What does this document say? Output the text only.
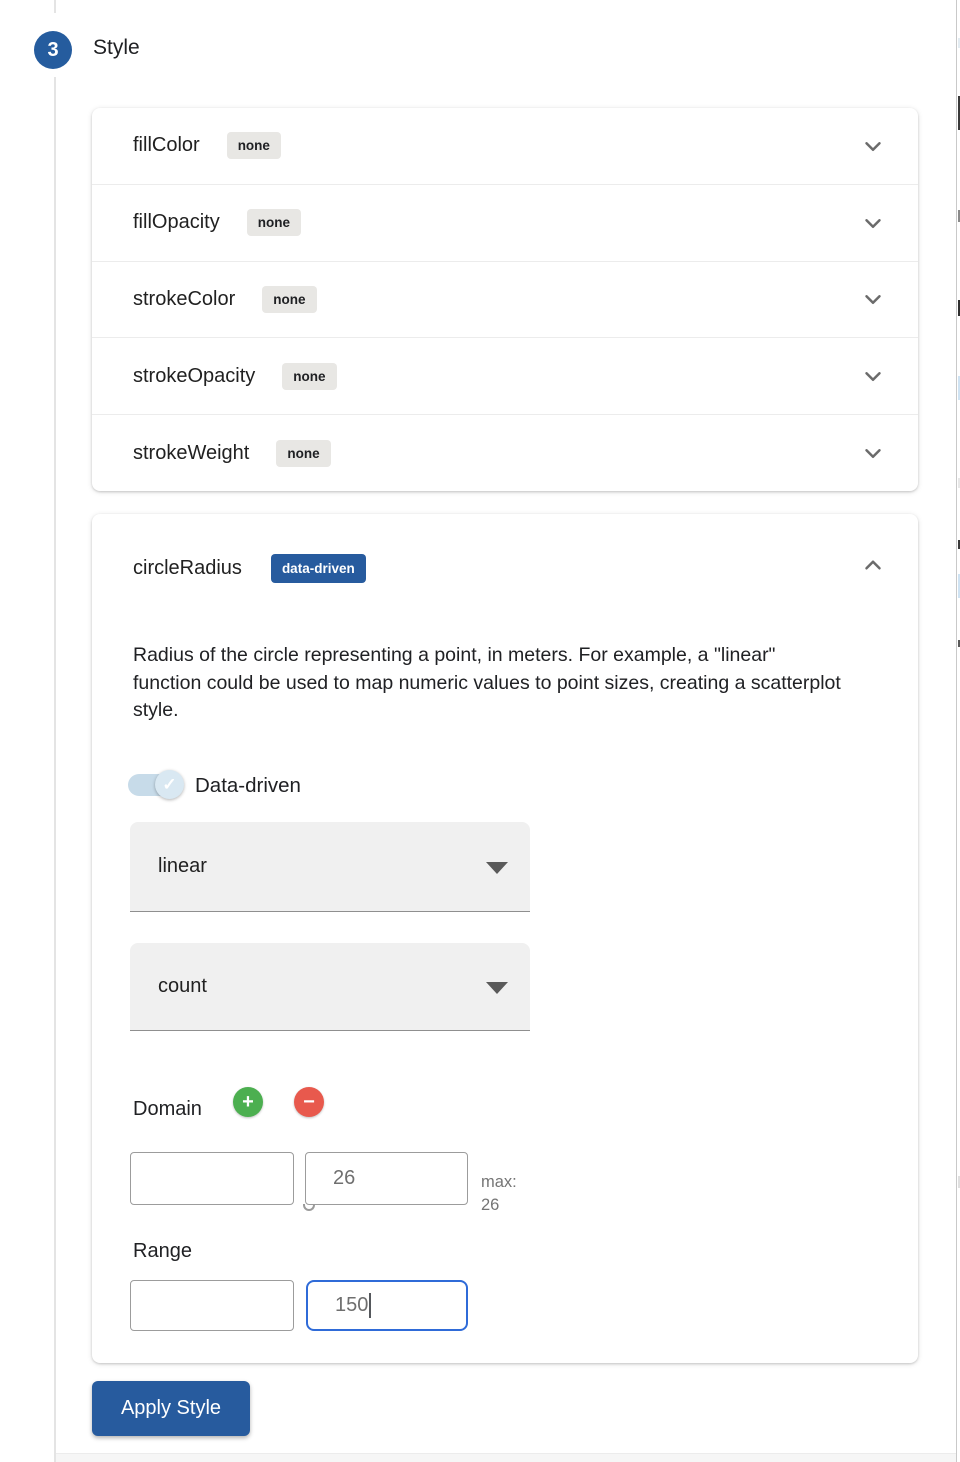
3	Style
fillColor	none
fillOpacity	none
strokeColor	none
strokeOpacity	none
strokeWeight	none
circleRadius	data-driven
Radius of the circle representing a point, in meters. For example, a "linear" function could be used to map numeric values to point sizes, creating a scatterplot style.
✓ Data-driven
linear
count
Domain	+	−
26	max:
26
Range
150
Apply Style
